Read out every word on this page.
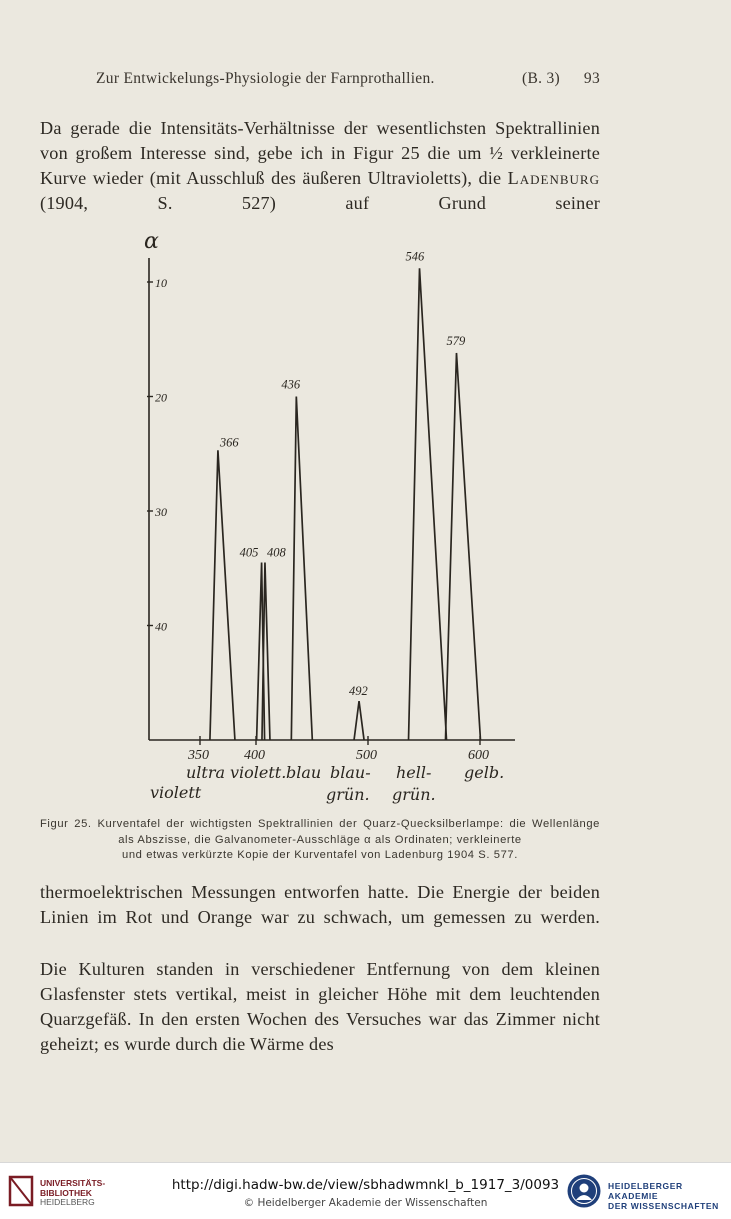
Zur Entwickelungs-Physiologie der Farnprothallien.	(B. 3) 93
Da gerade die Intensitäts-Verhältnisse der wesentlichsten Spektrallinien von großem Interesse sind, gebe ich in Figur 25 die um ½ verkleinerte Kurve wieder (mit Ausschluß des äußeren Ultravioletts), die Ladenburg (1904, S. 527) auf Grund seiner
α
40
30
20
10
350	400	500	600
366
405 408
436
492
546
579
ultra
violett
violett. blau blau-
grün.
hell-
grün.
gelb.
Figur 25. Kurventafel der wichtigsten Spektrallinien der Quarz-Quecksilberlampe: die Wellenlänge als Abszisse, die Galvanometer-Ausschläge α als Ordinaten; verkleinerte
und etwas verkürzte Kopie der Kurventafel von Ladenburg 1904 S. 577.
thermoelektrischen Messungen entworfen hatte. Die Energie der beiden Linien im Rot und Orange war zu schwach, um gemessen zu werden.
Die Kulturen standen in verschiedener Entfernung von dem kleinen Glasfenster stets vertikal, meist in gleicher Höhe mit dem leuchtenden Quarzgefäß. In den ersten Wochen des Versuches war das Zimmer nicht geheizt; es wurde durch die Wärme des
UNIVERSITÄTS-
BIBLIOTHEK
HEIDELBERG
http://digi.hadw-bw.de/view/sbhadwmnkl_b_1917_3/0093
© Heidelberger Akademie der Wissenschaften
HEIDELBERGER AKADEMIE
DER WISSENSCHAFTEN
